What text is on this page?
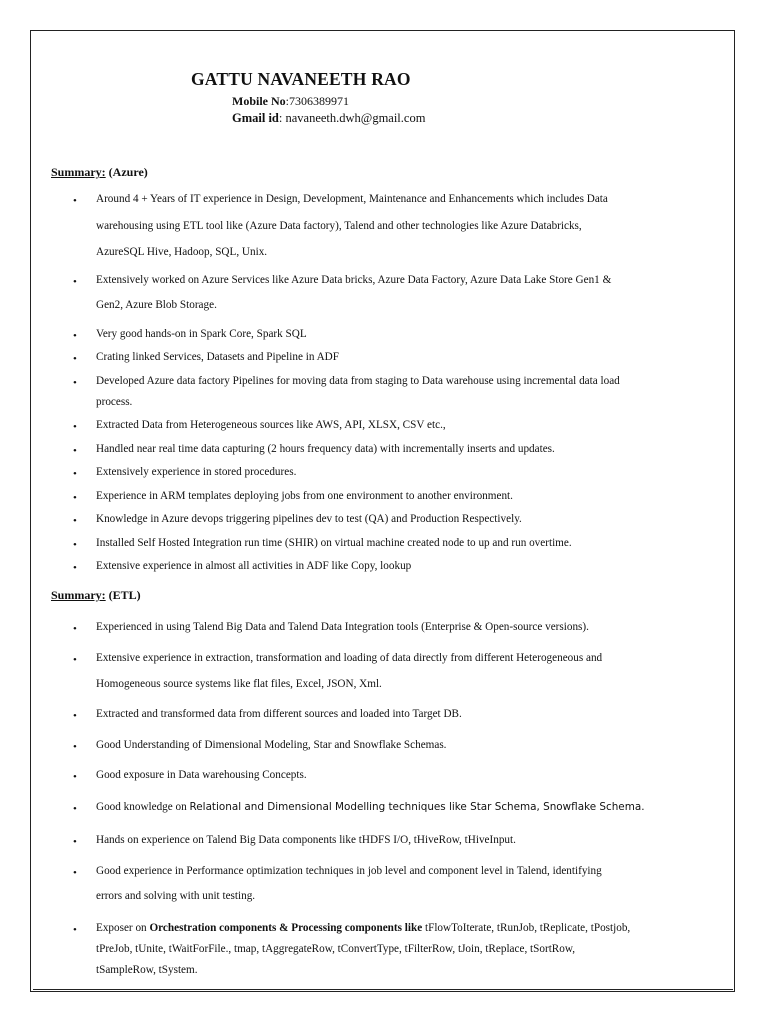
GATTU NAVANEETH RAO
Mobile No:7306389971
Gmail id: navaneeth.dwh@gmail.com
Summary: (Azure)
• Around 4 + Years of IT experience in Design, Development, Maintenance and Enhancements which includes Data
warehousing using ETL tool like (Azure Data factory), Talend and other technologies like Azure Databricks,
AzureSQL Hive, Hadoop, SQL, Unix.
• Extensively worked on Azure Services like Azure Data bricks, Azure Data Factory, Azure Data Lake Store Gen1 &
Gen2, Azure Blob Storage.
• Very good hands-on in Spark Core, Spark SQL
• Crating linked Services, Datasets and Pipeline in ADF
• Developed Azure data factory Pipelines for moving data from staging to Data warehouse using incremental data load
process.
• Extracted Data from Heterogeneous sources like AWS, API, XLSX, CSV etc.,
• Handled near real time data capturing (2 hours frequency data) with incrementally inserts and updates.
• Extensively experience in stored procedures.
• Experience in ARM templates deploying jobs from one environment to another environment.
• Knowledge in Azure devops triggering pipelines dev to test (QA) and Production Respectively.
• Installed Self Hosted Integration run time (SHIR) on virtual machine created node to up and run overtime.
• Extensive experience in almost all activities in ADF like Copy, lookup
Summary: (ETL)
• Experienced in using Talend Big Data and Talend Data Integration tools (Enterprise & Open-source versions).
• Extensive experience in extraction, transformation and loading of data directly from different Heterogeneous and
Homogeneous source systems like flat files, Excel, JSON, Xml.
• Extracted and transformed data from different sources and loaded into Target DB.
• Good Understanding of Dimensional Modeling, Star and Snowflake Schemas.
• Good exposure in Data warehousing Concepts.
• Good knowledge on Relational and Dimensional Modelling techniques like Star Schema, Snowflake Schema.
• Hands on experience on Talend Big Data components like tHDFS I/O, tHiveRow, tHiveInput.
• Good experience in Performance optimization techniques in job level and component level in Talend, identifying
errors and solving with unit testing.
• Exposer on Orchestration components & Processing components like tFlowToIterate, tRunJob, tReplicate, tPostjob,
tPreJob, tUnite, tWaitForFile., tmap, tAggregateRow, tConvertType, tFilterRow, tJoin, tReplace, tSortRow,
tSampleRow, tSystem.
